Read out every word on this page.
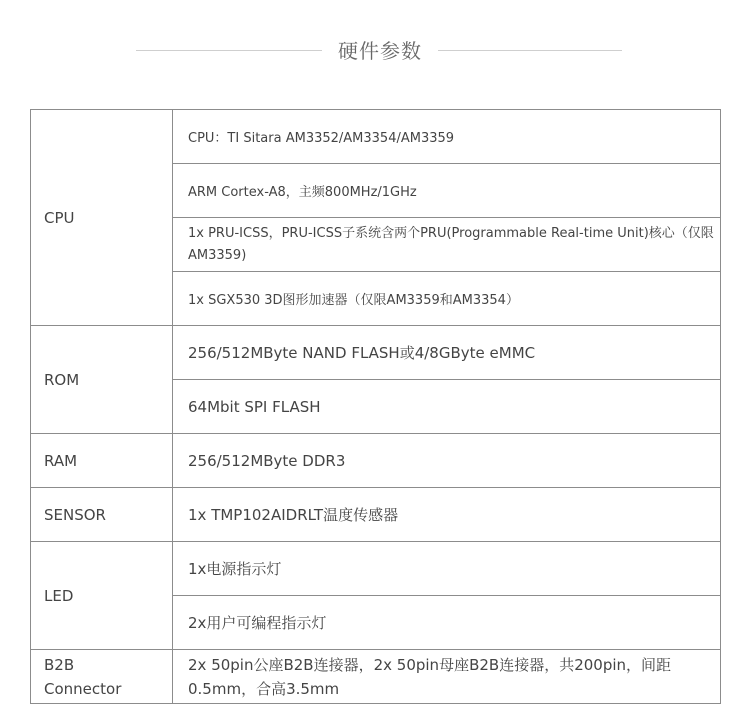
硬件参数
CPU	CPU：TI Sitara AM3352/AM3354/AM3359
	ARM Cortex-A8，主频800MHz/1GHz
	1x PRU-ICSS，PRU-ICSS子系统含两个PRU(Programmable Real-time Unit)核心（仅限AM3359)
	1x SGX530 3D图形加速器（仅限AM3359和AM3354）
ROM	256/512MByte NAND FLASH或4/8GByte eMMC
	64Mbit SPI FLASH
RAM	256/512MByte DDR3
SENSOR	1x TMP102AIDRLT温度传感器
LED	1x电源指示灯
	2x用户可编程指示灯

B2B
Connector	2x 50pin公座B2B连接器，2x 50pin母座B2B连接器，共200pin，间距0.5mm，合高3.5mm
